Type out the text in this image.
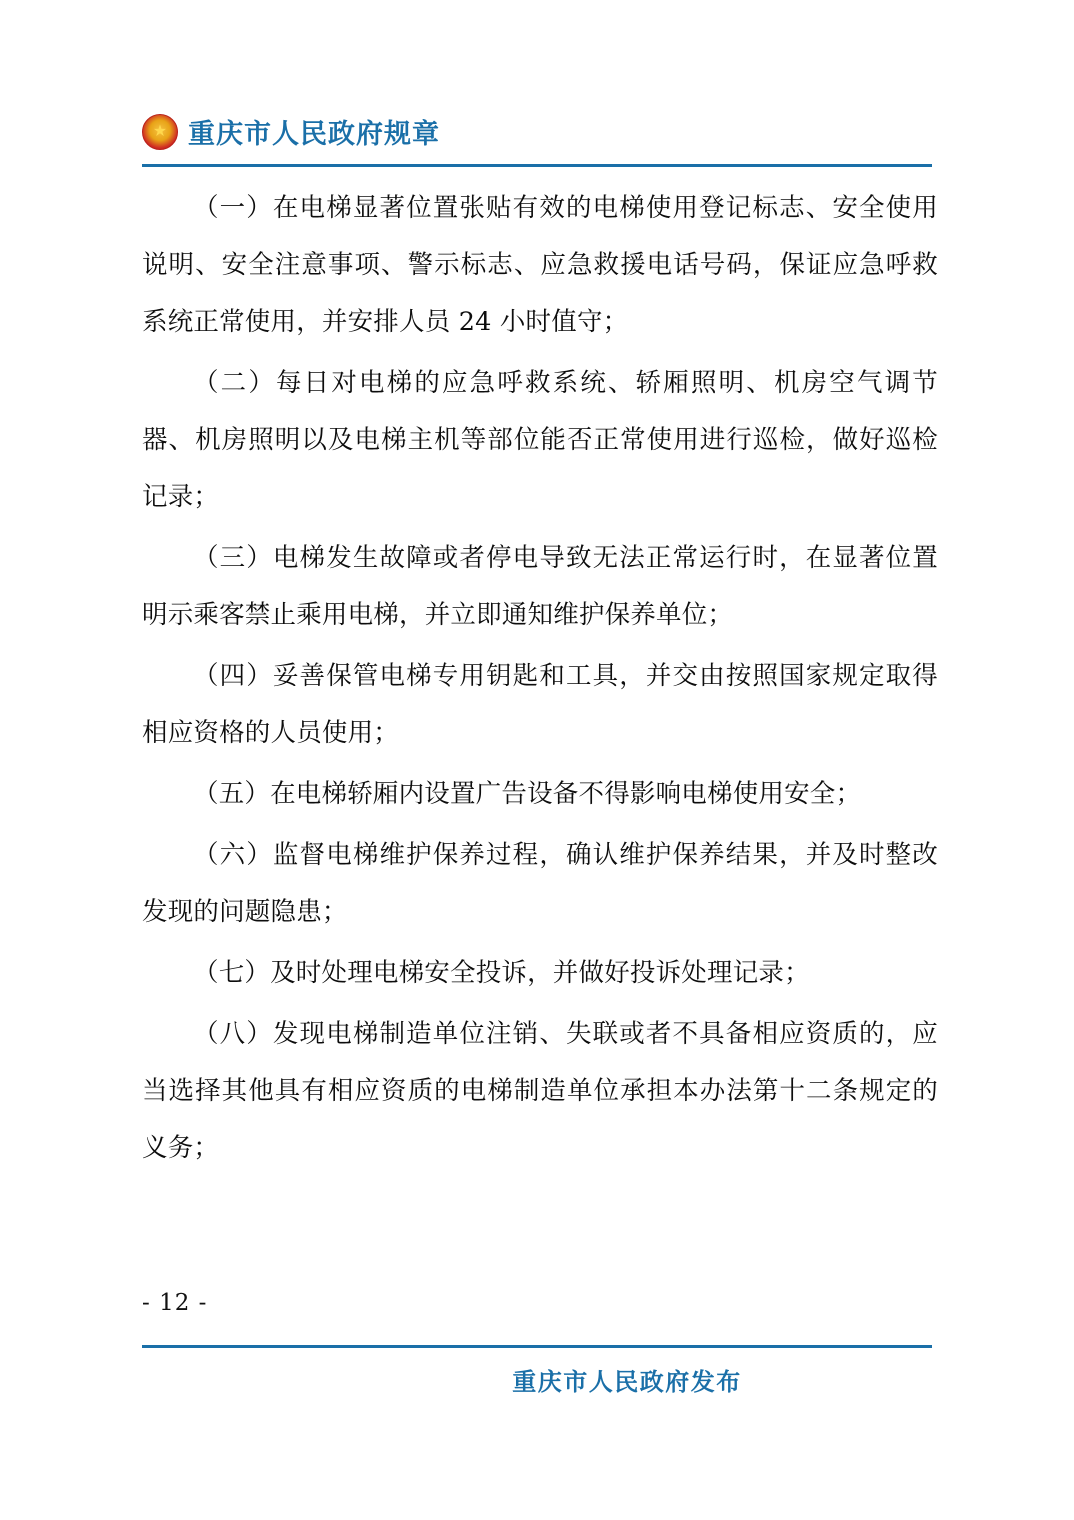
★
重庆市人民政府规章

（一）在电梯显著位置张贴有效的电梯使用登记标志、安全使用说明、安全注意事项、警示标志、应急救援电话号码，保证应急呼救系统正常使用，并安排人员 24 小时值守；

（二）每日对电梯的应急呼救系统、轿厢照明、机房空气调节器、机房照明以及电梯主机等部位能否正常使用进行巡检，做好巡检记录；

（三）电梯发生故障或者停电导致无法正常运行时，在显著位置明示乘客禁止乘用电梯，并立即通知维护保养单位；

（四）妥善保管电梯专用钥匙和工具，并交由按照国家规定取得相应资格的人员使用；

（五）在电梯轿厢内设置广告设备不得影响电梯使用安全；

（六）监督电梯维护保养过程，确认维护保养结果，并及时整改发现的问题隐患；

（七）及时处理电梯安全投诉，并做好投诉处理记录；

（八）发现电梯制造单位注销、失联或者不具备相应资质的，应当选择其他具有相应资质的电梯制造单位承担本办法第十二条规定的义务；

- 12 -
重庆市人民政府发布
